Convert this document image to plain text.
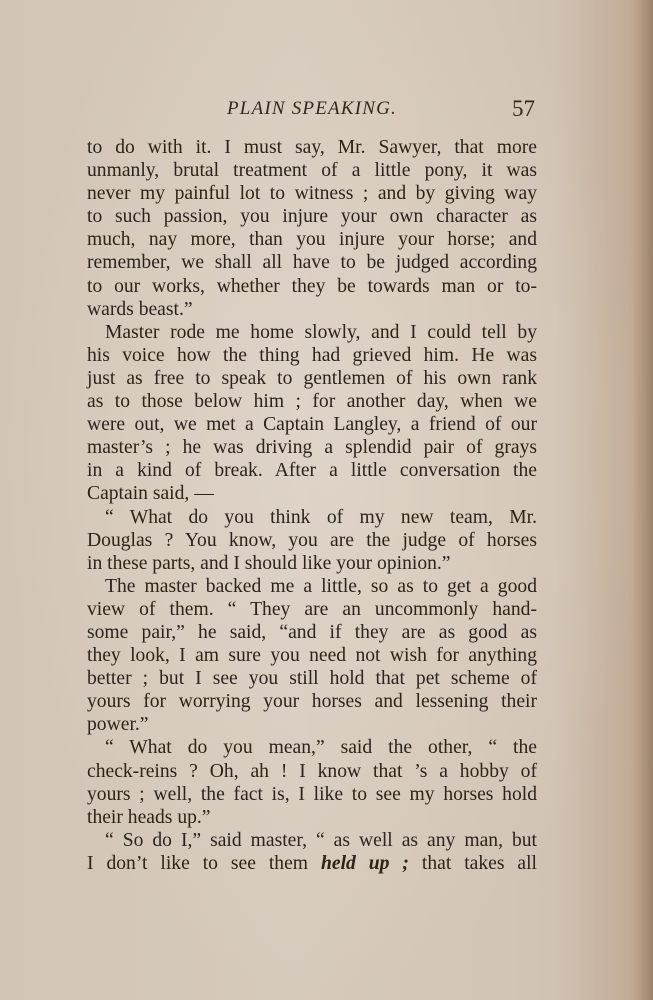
PLAIN SPEAKING.	57
to do with it. I must say, Mr. Sawyer, that more
unmanly, brutal treatment of a little pony, it was
never my painful lot to witness ; and by giving way
to such passion, you injure your own character as
much, nay more, than you injure your horse; and
remember, we shall all have to be judged according
to our works, whether they be towards man or to-
wards beast.”
Master rode me home slowly, and I could tell by
his voice how the thing had grieved him. He was
just as free to speak to gentlemen of his own rank
as to those below him ; for another day, when we
were out, we met a Captain Langley, a friend of our
master’s ; he was driving a splendid pair of grays
in a kind of break. After a little conversation the
Captain said, —
“ What do you think of my new team, Mr.
Douglas ? You know, you are the judge of horses
in these parts, and I should like your opinion.”
The master backed me a little, so as to get a good
view of them. “ They are an uncommonly hand-
some pair,” he said, “and if they are as good as
they look, I am sure you need not wish for anything
better ; but I see you still hold that pet scheme of
yours for worrying your horses and lessening their
power.”
“ What do you mean,” said the other, “ the
check-reins ? Oh, ah ! I know that ’s a hobby of
yours ; well, the fact is, I like to see my horses hold
their heads up.”
“ So do I,” said master, “ as well as any man, but
I don’t like to see them held up ; that takes all
